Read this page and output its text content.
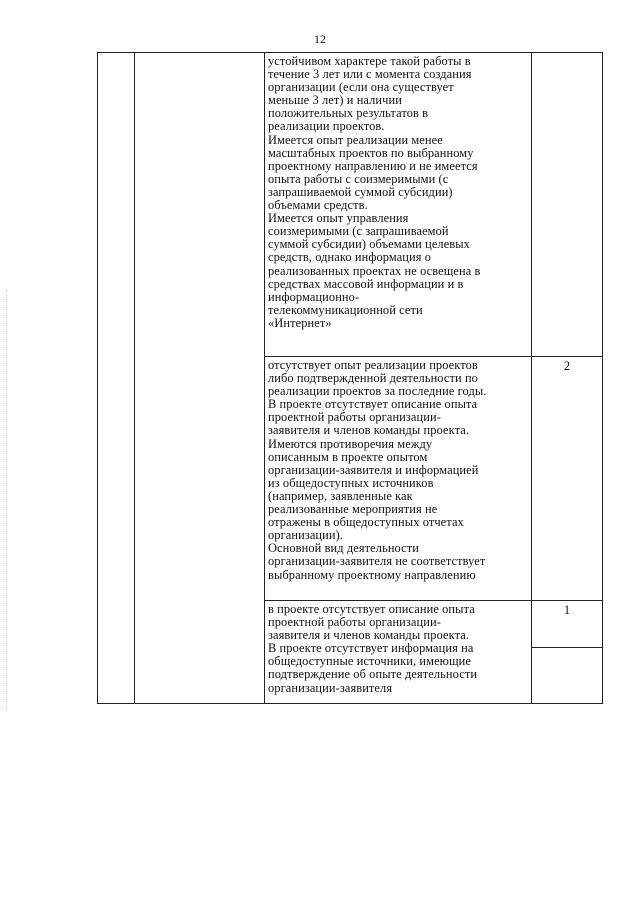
12
устойчивом характере такой работы в
течение 3 лет или с момента создания
организации (если она существует
меньше 3 лет) и наличии
положительных результатов в
реализации проектов.
Имеется опыт реализации менее
масштабных проектов по выбранному
проектному направлению и не имеется
опыта работы с соизмеримыми (с
запрашиваемой суммой субсидии)
объемами средств.
Имеется опыт управления
соизмеримыми (с запрашиваемой
суммой субсидии) объемами целевых
средств, однако информация о
реализованных проектах не освещена в
средствах массовой информации и в
информационно-
телекоммуникационной сети
«Интернет»
отсутствует опыт реализации проектов
либо подтвержденной деятельности по
реализации проектов за последние годы.
В проекте отсутствует описание опыта
проектной работы организации-
заявителя и членов команды проекта.
Имеются противоречия между
описанным в проекте опытом
организации-заявителя и информацией
из общедоступных источников
(например, заявленные как
реализованные мероприятия не
отражены в общедоступных отчетах
организации).
Основной вид деятельности
организации-заявителя не соответствует
выбранному проектному направлению
2
в проекте отсутствует описание опыта
проектной работы организации-
заявителя и членов команды проекта.
В проекте отсутствует информация на
общедоступные источники, имеющие
подтверждение об опыте деятельности
организации-заявителя
1
